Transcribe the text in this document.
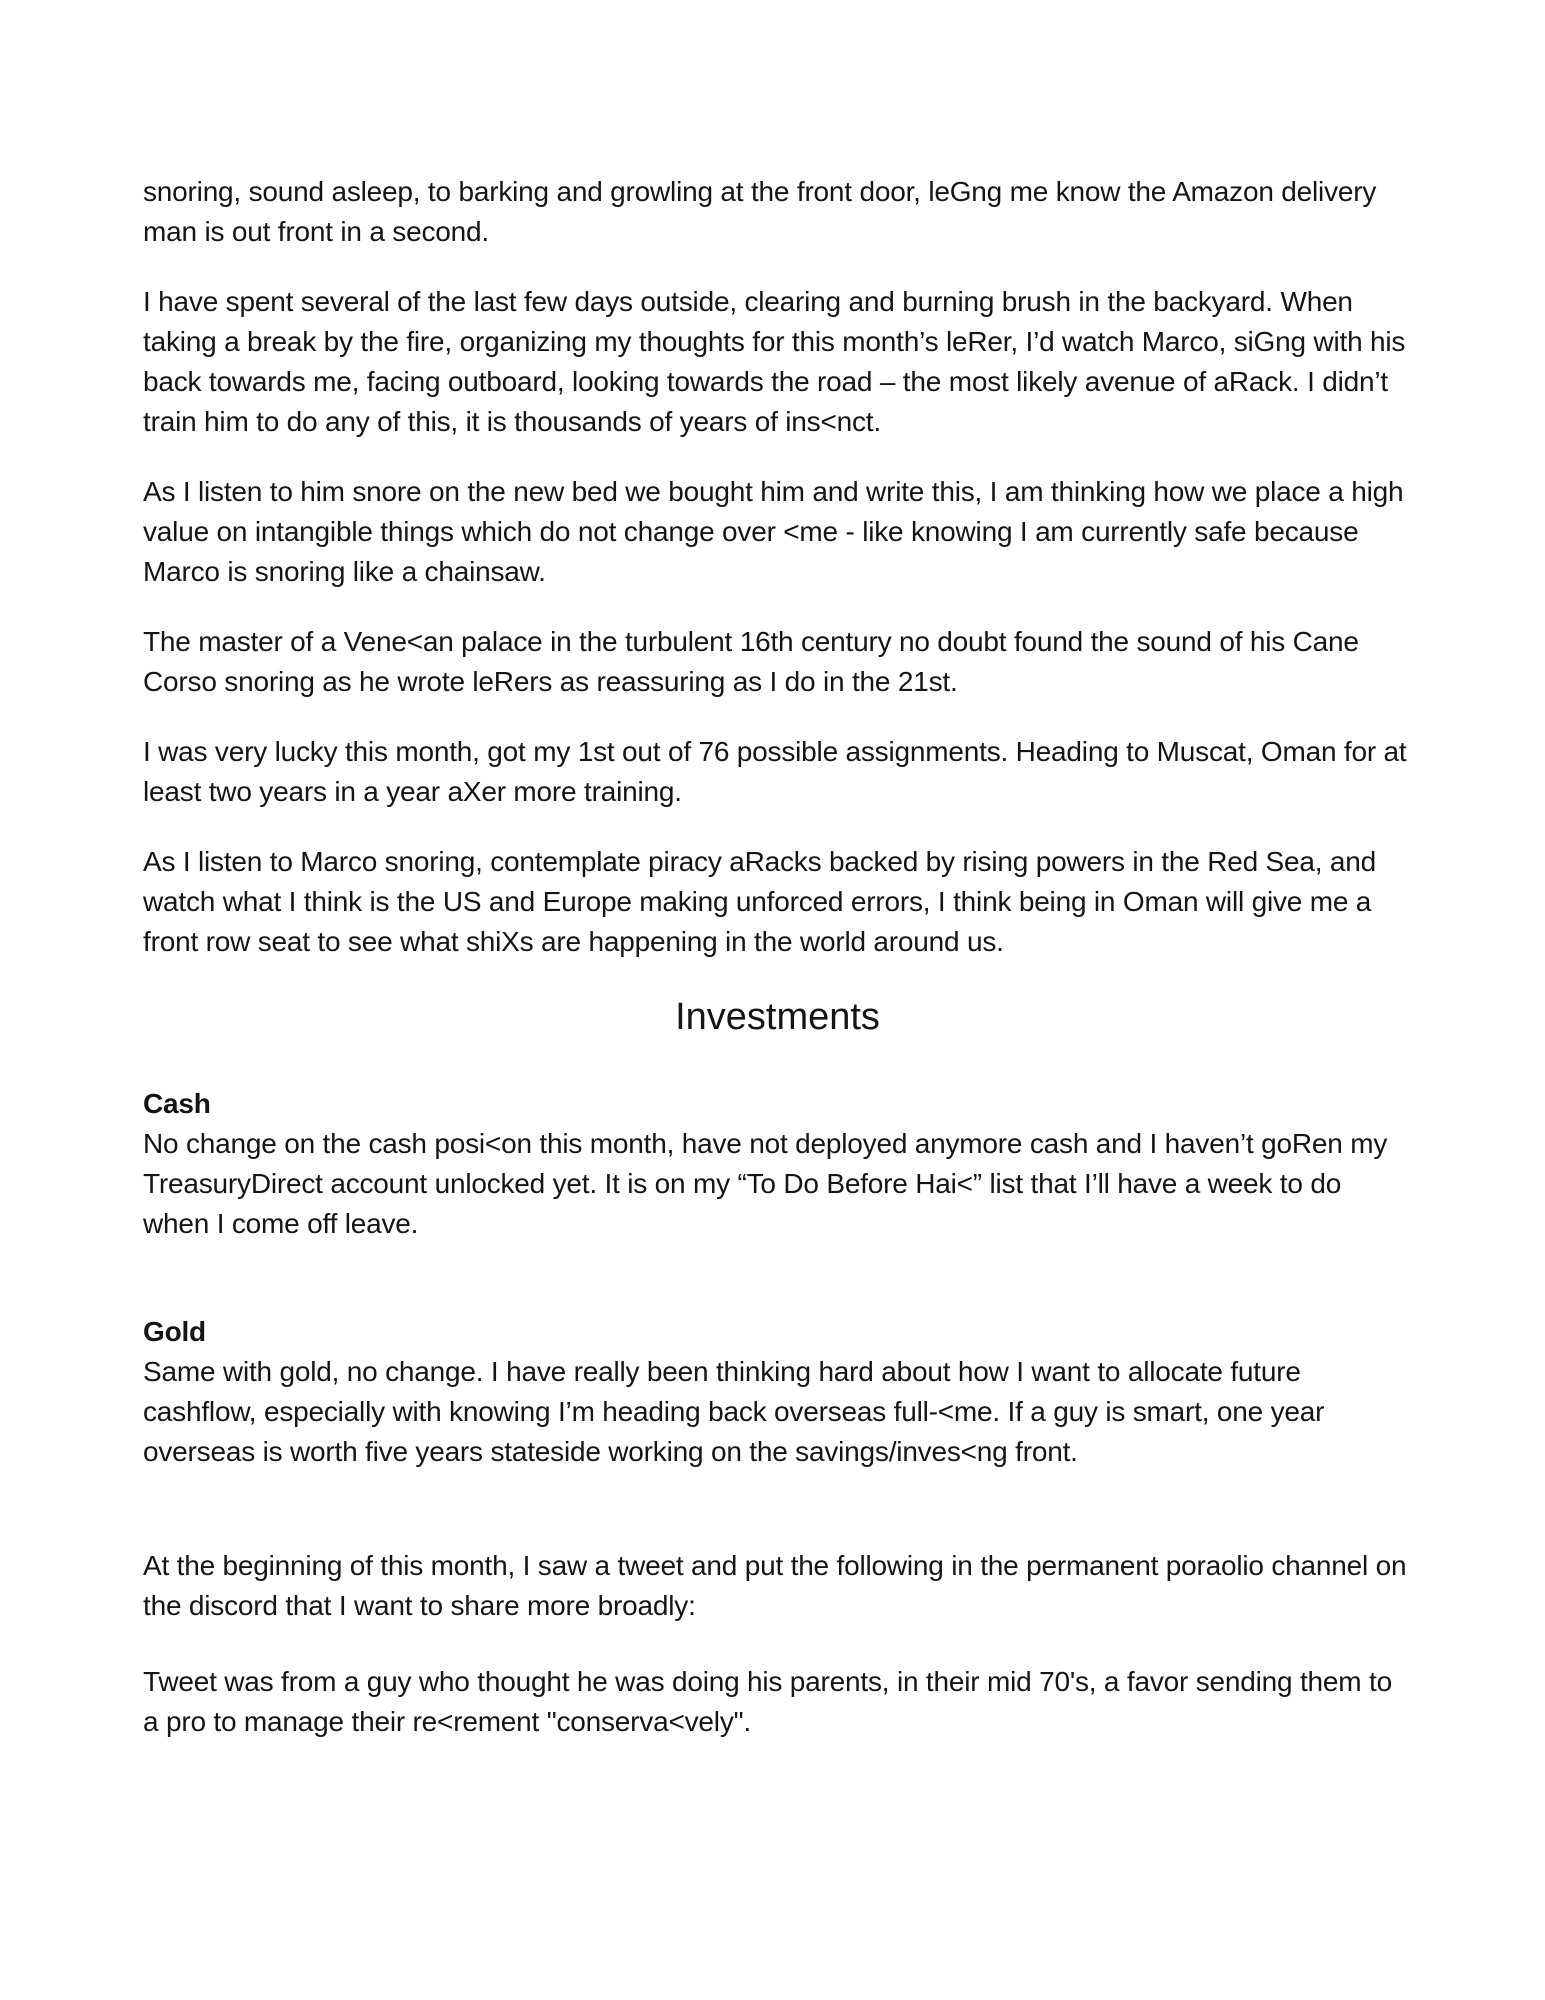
snoring, sound asleep, to barking and growling at the front door, leGng me know the Amazon delivery man is out front in a second.

I have spent several of the last few days outside, clearing and burning brush in the backyard. When taking a break by the fire, organizing my thoughts for this month’s leRer, I’d watch Marco, siGng with his back towards me, facing outboard, looking towards the road – the most likely avenue of aRack. I didn’t train him to do any of this, it is thousands of years of ins<nct.

As I listen to him snore on the new bed we bought him and write this, I am thinking how we place a high value on intangible things which do not change over <me - like knowing I am currently safe because Marco is snoring like a chainsaw.

The master of a Vene<an palace in the turbulent 16th century no doubt found the sound of his Cane Corso snoring as he wrote leRers as reassuring as I do in the 21st.

I was very lucky this month, got my 1st out of 76 possible assignments. Heading to Muscat, Oman for at least two years in a year aXer more training.

As I listen to Marco snoring, contemplate piracy aRacks backed by rising powers in the Red Sea, and watch what I think is the US and Europe making unforced errors, I think being in Oman will give me a front row seat to see what shiXs are happening in the world around us.

Investments

Cash

No change on the cash posi<on this month, have not deployed anymore cash and I haven’t goRen my TreasuryDirect account unlocked yet. It is on my “To Do Before Hai<” list that I’ll have a week to do when I come off leave.

Gold

Same with gold, no change. I have really been thinking hard about how I want to allocate future cashflow, especially with knowing I’m heading back overseas full-<me. If a guy is smart, one year overseas is worth five years stateside working on the savings/inves<ng front.

At the beginning of this month, I saw a tweet and put the following in the permanent poraolio channel on the discord that I want to share more broadly:

Tweet was from a guy who thought he was doing his parents, in their mid 70's, a favor sending them to a pro to manage their re<rement "conserva<vely".
